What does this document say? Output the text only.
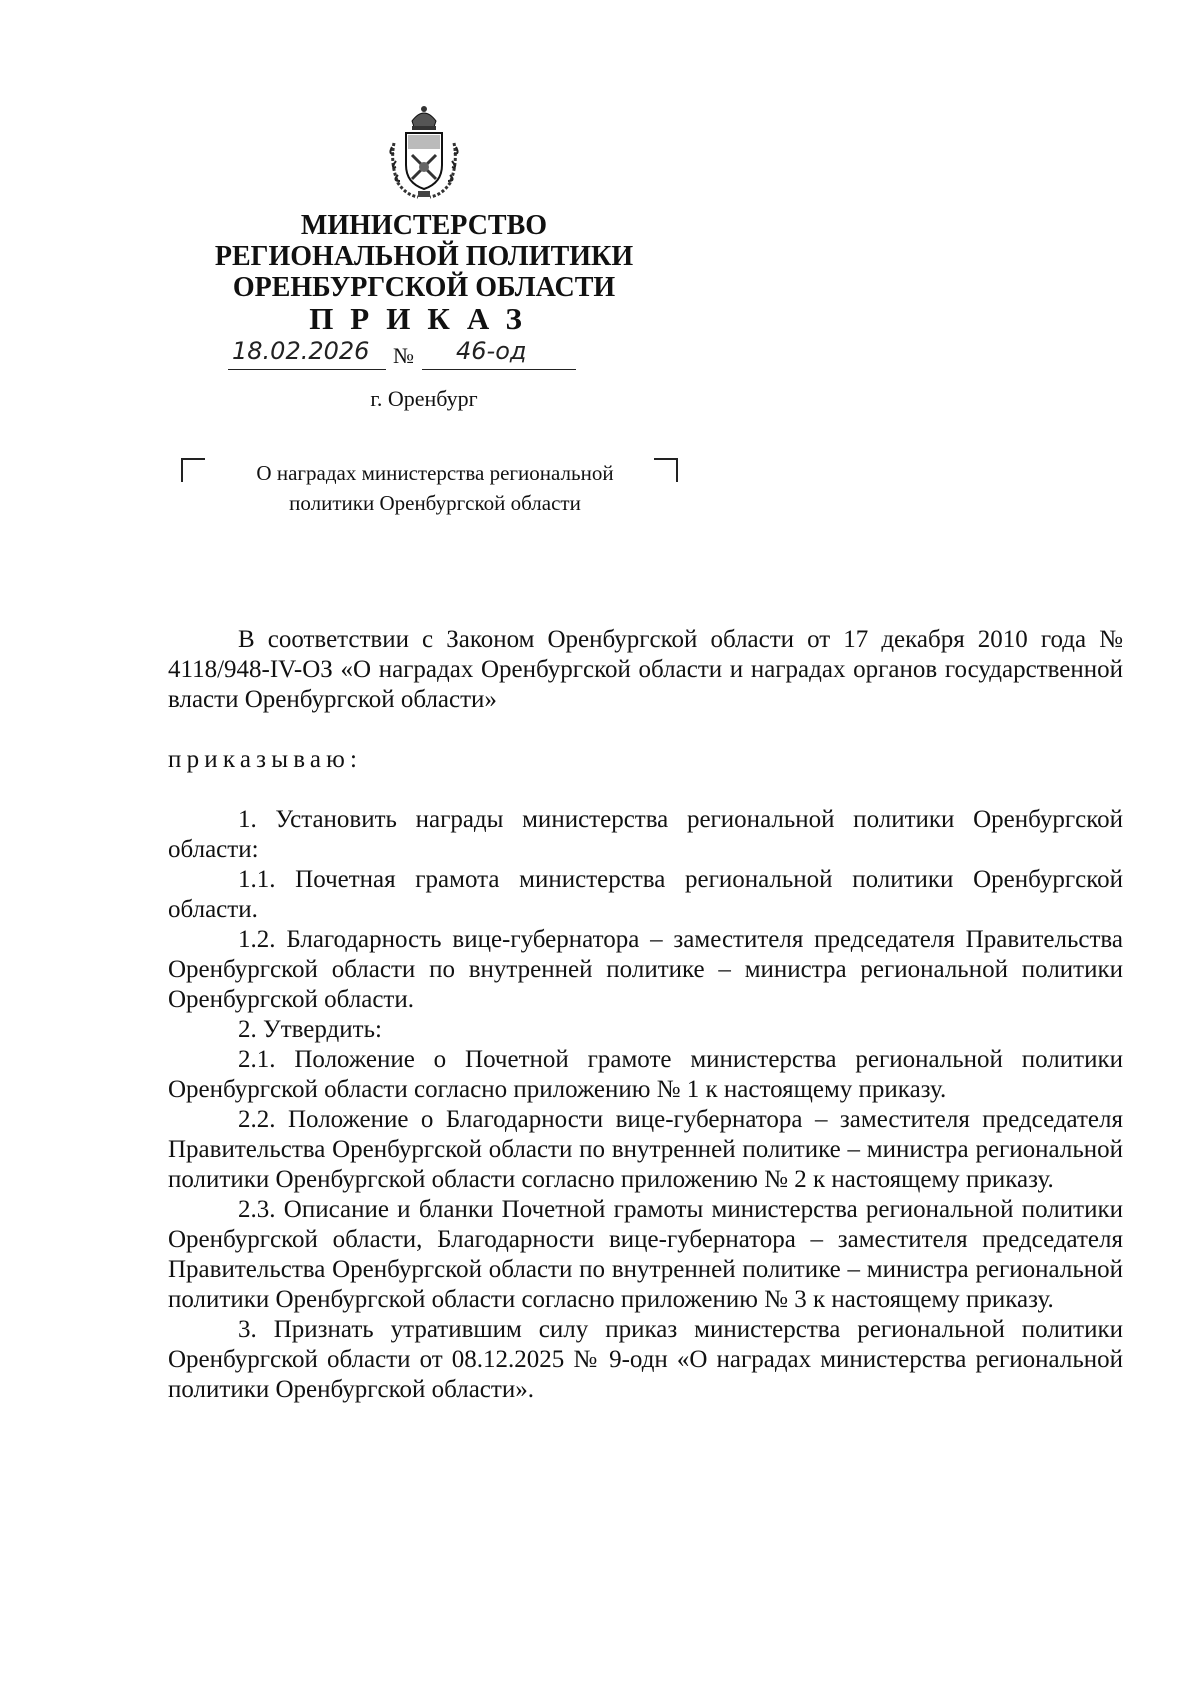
МИНИСТЕРСТВО
РЕГИОНАЛЬНОЙ ПОЛИТИКИ
ОРЕНБУРГСКОЙ ОБЛАСТИ
ПРИКАЗ
18.02.2026 № 46-од
г. Оренбург
О наградах министерства региональной
политики Оренбургской области

В соответствии с Законом Оренбургской области от 17 декабря 2010 года № 4118/948-IV-ОЗ «О наградах Оренбургской области и наградах органов государственной власти Оренбургской области»

приказываю:

1. Установить награды министерства региональной политики Оренбургской области:

1.1. Почетная грамота министерства региональной политики Оренбургской области.

1.2. Благодарность вице-губернатора – заместителя председателя Правительства Оренбургской области по внутренней политике – министра региональной политики Оренбургской области.

2. Утвердить:

2.1. Положение о Почетной грамоте министерства региональной политики Оренбургской области согласно приложению № 1 к настоящему приказу.

2.2. Положение о Благодарности вице-губернатора – заместителя председателя Правительства Оренбургской области по внутренней политике – министра региональной политики Оренбургской области согласно приложению № 2 к настоящему приказу.

2.3. Описание и бланки Почетной грамоты министерства региональной политики Оренбургской области, Благодарности вице-губернатора – заместителя председателя Правительства Оренбургской области по внутренней политике – министра региональной политики Оренбургской области согласно приложению № 3 к настоящему приказу.

3. Признать утратившим силу приказ министерства региональной политики Оренбургской области от 08.12.2025 № 9-одн «О наградах министерства региональной политики Оренбургской области».
